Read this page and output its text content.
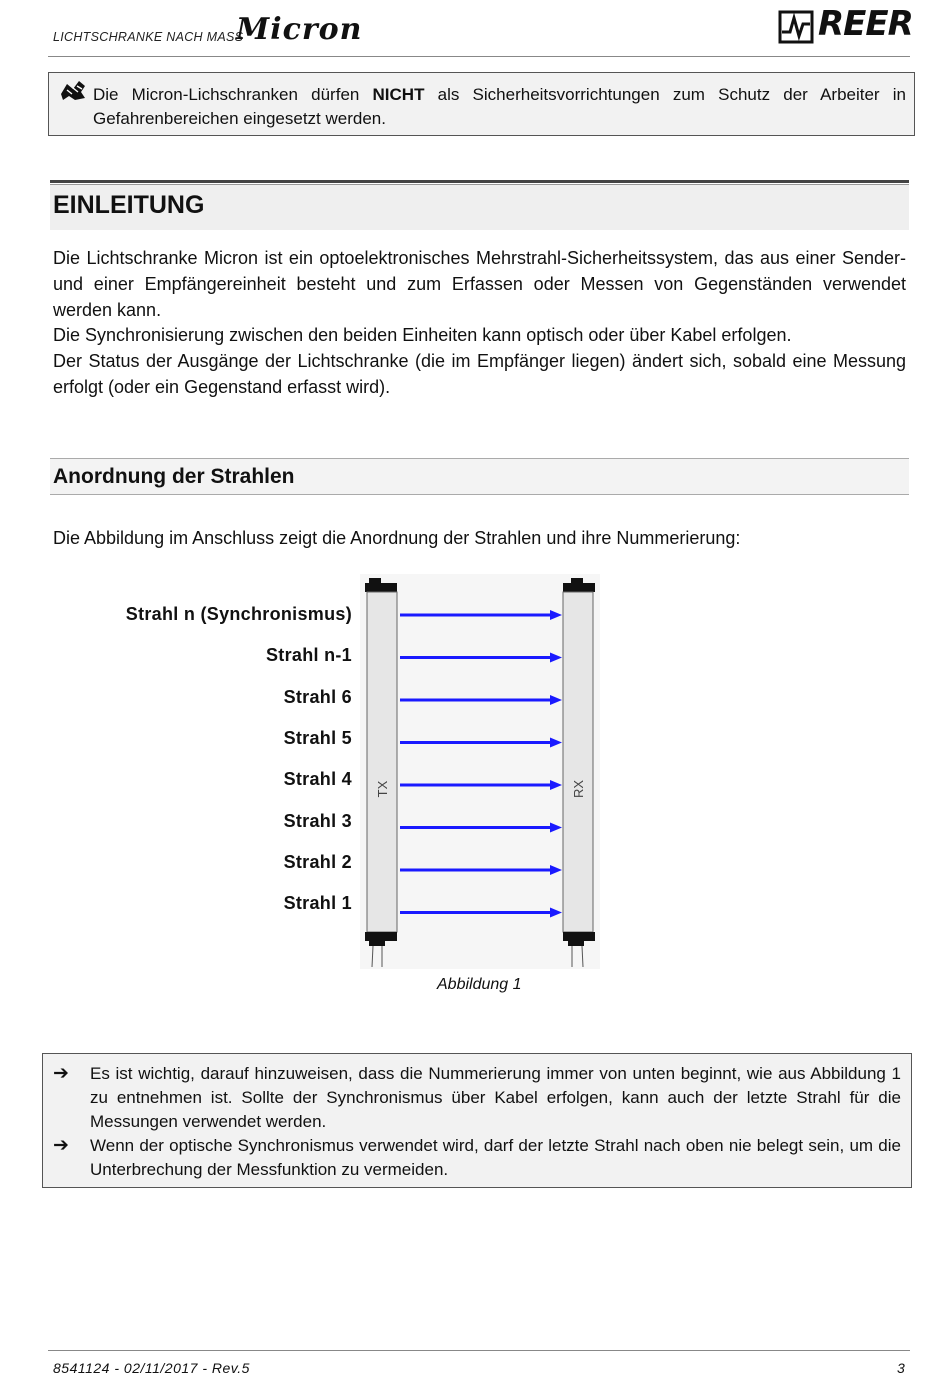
LICHTSCHRANKE NACH MASS
Micron	REER
Die Micron-Lichschranken dürfen NICHT als Sicherheitsvorrichtungen zum Schutz der Arbeiter in Gefahrenbereichen eingesetzt werden.
EINLEITUNG
Die Lichtschranke Micron ist ein optoelektronisches Mehrstrahl-Sicherheitssystem, das aus einer Sender- und einer Empfängereinheit besteht und zum Erfassen oder Messen von Gegenständen verwendet werden kann.
Die Synchronisierung zwischen den beiden Einheiten kann optisch oder über Kabel erfolgen.
Der Status der Ausgänge der Lichtschranke (die im Empfänger liegen) ändert sich, sobald eine Messung erfolgt (oder ein Gegenstand erfasst wird).
Anordnung der Strahlen
Die Abbildung im Anschluss zeigt die Anordnung der Strahlen und ihre Nummerierung:
Strahl n (Synchronismus)
Strahl n-1
Strahl 6
Strahl 5
Strahl 4
Strahl 3
Strahl 2
Strahl 1
TX	RX
Abbildung 1
➔ Es ist wichtig, darauf hinzuweisen, dass die Nummerierung immer von unten beginnt, wie aus Abbildung 1 zu entnehmen ist. Sollte der Synchronismus über Kabel erfolgen, kann auch der letzte Strahl für die Messungen verwendet werden.
➔ Wenn der optische Synchronismus verwendet wird, darf der letzte Strahl nach oben nie belegt sein, um die Unterbrechung der Messfunktion zu vermeiden.
8541124 - 02/11/2017 - Rev.5	3
